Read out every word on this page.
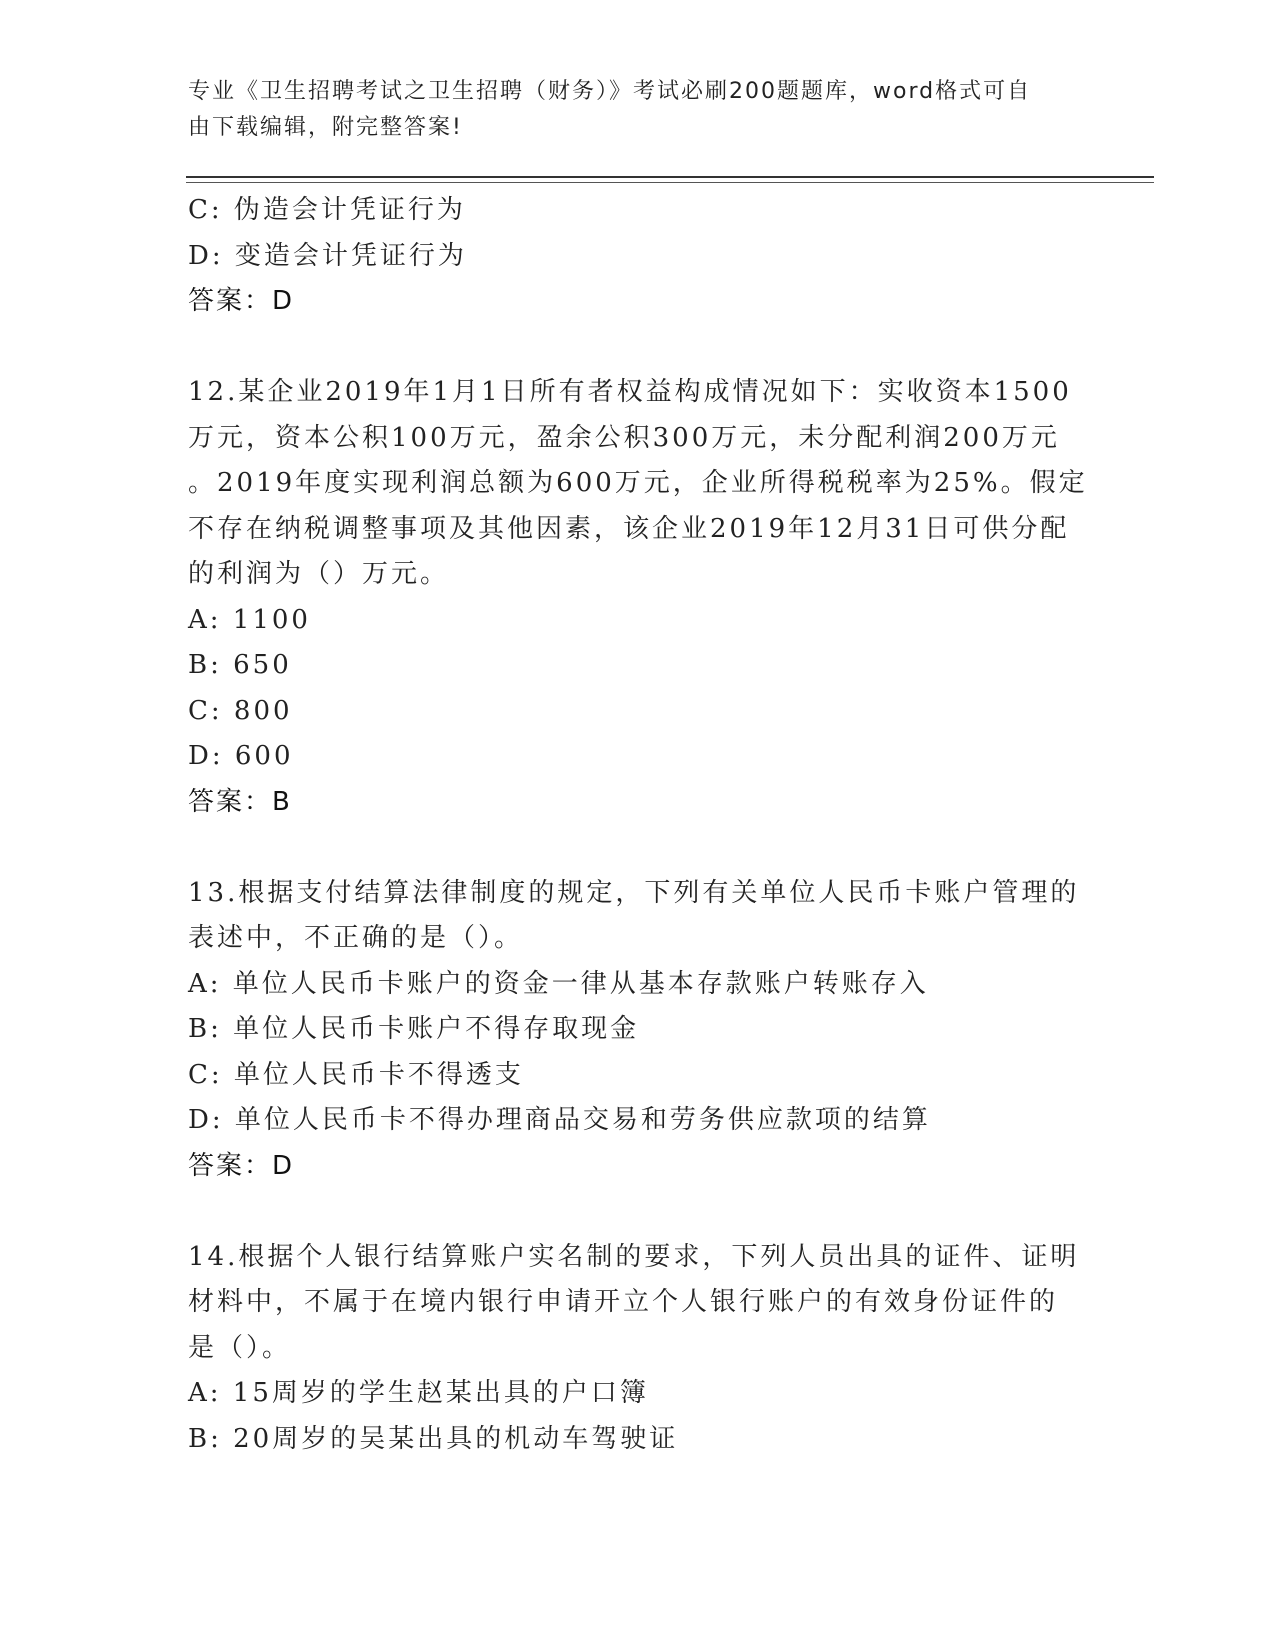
专业《卫生招聘考试之卫生招聘（财务）》考试必刷200题题库，word格式可自
由下载编辑，附完整答案!
C: 伪造会计凭证行为
D: 变造会计凭证行为
答案：D
12.某企业2019年1月1日所有者权益构成情况如下：实收资本1500
万元，资本公积100万元，盈余公积300万元，未分配利润200万元
。2019年度实现利润总额为600万元，企业所得税税率为25%。假定
不存在纳税调整事项及其他因素，该企业2019年12月31日可供分配
的利润为（）万元。
A: 1100
B: 650
C: 800
D: 600
答案：B
13.根据支付结算法律制度的规定，下列有关单位人民币卡账户管理的
表述中，不正确的是（）。
A: 单位人民币卡账户的资金一律从基本存款账户转账存入
B: 单位人民币卡账户不得存取现金
C: 单位人民币卡不得透支
D: 单位人民币卡不得办理商品交易和劳务供应款项的结算
答案：D
14.根据个人银行结算账户实名制的要求，下列人员出具的证件、证明
材料中，不属于在境内银行申请开立个人银行账户的有效身份证件的
是（）。
A: 15周岁的学生赵某出具的户口簿
B: 20周岁的吴某出具的机动车驾驶证
